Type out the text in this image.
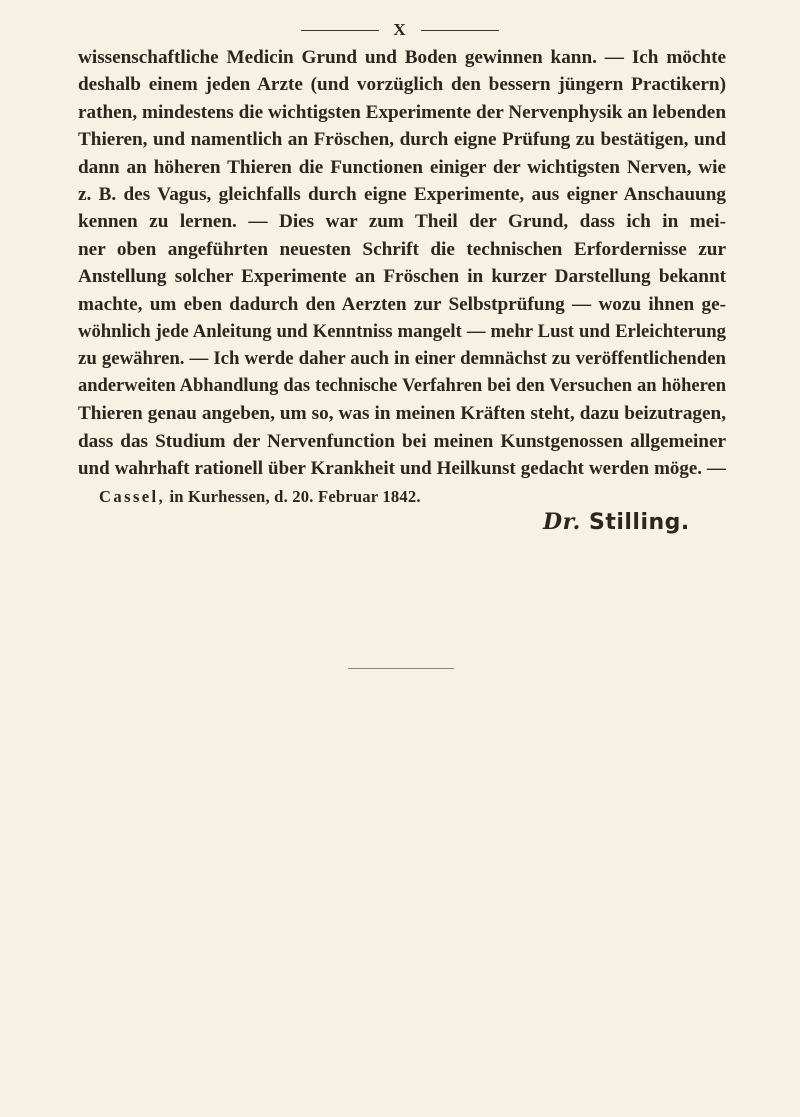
X

wissenschaftliche Medicin Grund und Boden gewinnen kann. — Ich möchte
deshalb einem jeden Arzte (und vorzüglich den bessern jüngern Practikern)
rathen, mindestens die wichtigsten Experimente der Nervenphysik an lebenden
Thieren, und namentlich an Fröschen, durch eigne Prüfung zu bestätigen, und
dann an höheren Thieren die Functionen einiger der wichtigsten Nerven, wie
z. B. des Vagus, gleichfalls durch eigne Experimente, aus eigner Anschauung
kennen zu lernen. — Dies war zum Theil der Grund, dass ich in mei-
ner oben angeführten neuesten Schrift die technischen Erfordernisse zur
Anstellung solcher Experimente an Fröschen in kurzer Darstellung bekannt
machte, um eben dadurch den Aerzten zur Selbstprüfung — wozu ihnen ge-
wöhnlich jede Anleitung und Kenntniss mangelt — mehr Lust und Erleichterung
zu gewähren. — Ich werde daher auch in einer demnächst zu veröffentlichenden
anderweiten Abhandlung das technische Verfahren bei den Versuchen an höheren
Thieren genau angeben, um so, was in meinen Kräften steht, dazu beizutragen,
dass das Studium der Nervenfunction bei meinen Kunstgenossen allgemeiner
und wahrhaft rationell über Krankheit und Heilkunst gedacht werden möge. —

Cassel, in Kurhessen, d. 20. Februar 1842.
Dr. Stilling.
